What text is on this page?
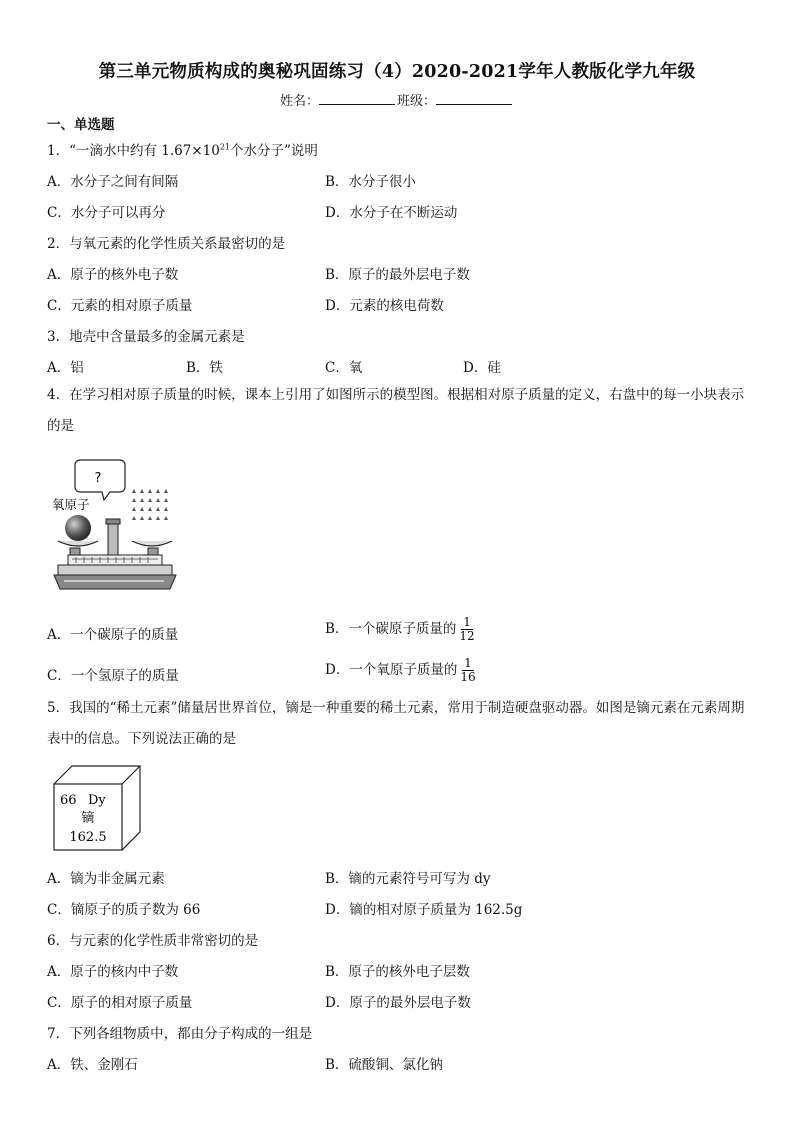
第三单元物质构成的奥秘巩固练习（4）2020-2021学年人教版化学九年级
姓名：	班级：
一、单选题
1．“一滴水中约有 $1.67\times 10^{21}$个水分子”说明
A．水分子之间有间隔	B．水分子很小
C．水分子可以再分	D．水分子在不断运动
2．与氧元素的化学性质关系最密切的是
A．原子的核外电子数	B．原子的最外层电子数
C．元素的相对原子质量	D．元素的核电荷数
3．地壳中含量最多的金属元素是
A．铝	B．铁	C．氧	D．硅
4．在学习相对原子质量的时候，课本上引用了如图所示的模型图。根据相对原子质量的定义，右盘中的每一小块表示的是
?
氧原子
A．一个碳原子的质量	B．一个碳原子质量的 $\frac{1}{12}$
C．一个氢原子的质量	D．一个氧原子质量的 $\frac{1}{16}$
5．我国的“稀土元素”储量居世界首位，镝是一种重要的稀土元素，常用于制造硬盘驱动器。如图是镝元素在元素周期表中的信息。下列说法正确的是
66 Dy
镝
162.5
A．镝为非金属元素	B．镝的元素符号可写为 dy
C．镝原子的质子数为 66	D．镝的相对原子质量为 162.5g
6．与元素的化学性质非常密切的是
A．原子的核内中子数	B．原子的核外电子层数
C．原子的相对原子质量	D．原子的最外层电子数
7．下列各组物质中，都由分子构成的一组是
A．铁、金刚石	B．硫酸铜、氯化钠
